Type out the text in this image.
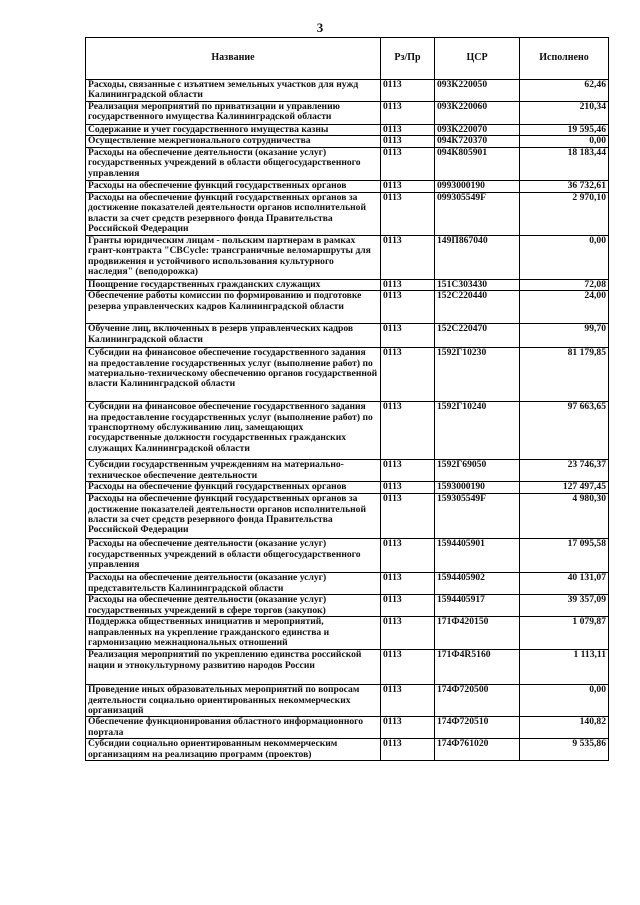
3
Название	Рз/Пр	ЦСР	Исполнено
Расходы, связанные с изъятием земельных участков для нужд Калининградской области	0113	093К220050	62,46
Реализация мероприятий по приватизации и управлению государственного имущества Калининградской области	0113	093К220060	210,34
Содержание и учет государственного имущества казны	0113	093К220070	19 595,46
Осуществление межрегионального сотрудничества	0113	094К720370	0,00
Расходы на обеспечение деятельности (оказание услуг) государственных учреждений в области общегосударственного управления	0113	094К805901	18 183,44
Расходы на обеспечение функций государственных органов	0113	0993000190	36 732,61
Расходы на обеспечение функций государственных органов за достижение показателей деятельности органов исполнительной власти за счет средств резервного фонда Правительства Российской Федерации	0113	099305549F	2 970,10
Гранты юридическим лицам - польским партнерам в рамках грант-контракта "CBCycle: трансграничные веломаршруты для продвижения и устойчивого использования культурного наследия" (веподорожка)	0113	149П867040	0,00
Поощрение государственных гражданских служащих	0113	151С303430	72,08
Обеспечение работы комиссии по формированию и подготовке резерва управленческих кадров Калининградской области	0113	152С220440	24,00
Обучение лиц, включенных в резерв управленческих кадров Калининградской области	0113	152С220470	99,70
Субсидии на финансовое обеспечение государственного задания на предоставление государственных услуг (выполнение работ) по материально-техническому обеспечению органов государственной власти Калининградской области	0113	1592Г10230	81 179,85
Субсидии на финансовое обеспечение государственного задания на предоставление государственных услуг (выполнение работ) по транспортному обслуживанию лиц, замещающих государственные должности государственных гражданских служащих Калининградской области	0113	1592Г10240	97 663,65
Субсидии государственным учреждениям на материально-техническое обеспечение деятельности	0113	1592Г69050	23 746,37
Расходы на обеспечение функций государственных органов	0113	1593000190	127 497,45
Расходы на обеспечение функций государственных органов за достижение показателей деятельности органов исполнительной власти за счет средств резервного фонда Правительства Российской Федерации	0113	159305549F	4 980,30
Расходы на обеспечение деятельности (оказание услуг) государственных учреждений в области общегосударственного управления	0113	1594405901	17 095,58
Расходы на обеспечение деятельности (оказание услуг) представительств Калининградской области	0113	1594405902	40 131,07
Расходы на обеспечение деятельности (оказание услуг) государственных учреждений в сфере торгов (закупок)	0113	1594405917	39 357,09
Поддержка общественных инициатив и мероприятий, направленных на укрепление гражданского единства и гармонизацию межнациональных отношений	0113	171Ф420150	1 079,87
Реализация мероприятий по укреплению единства российской нации и этнокультурному развитию народов России	0113	171Ф4R5160	1 113,11
Проведение иных образовательных мероприятий по вопросам деятельности социально ориентированных некоммерческих организаций	0113	174Ф720500	0,00
Обеспечение функционирования областного информационного портала	0113	174Ф720510	140,82
Субсидии социально ориентированным некоммерческим организациям на реализацию программ (проектов)	0113	174Ф761020	9 535,86
